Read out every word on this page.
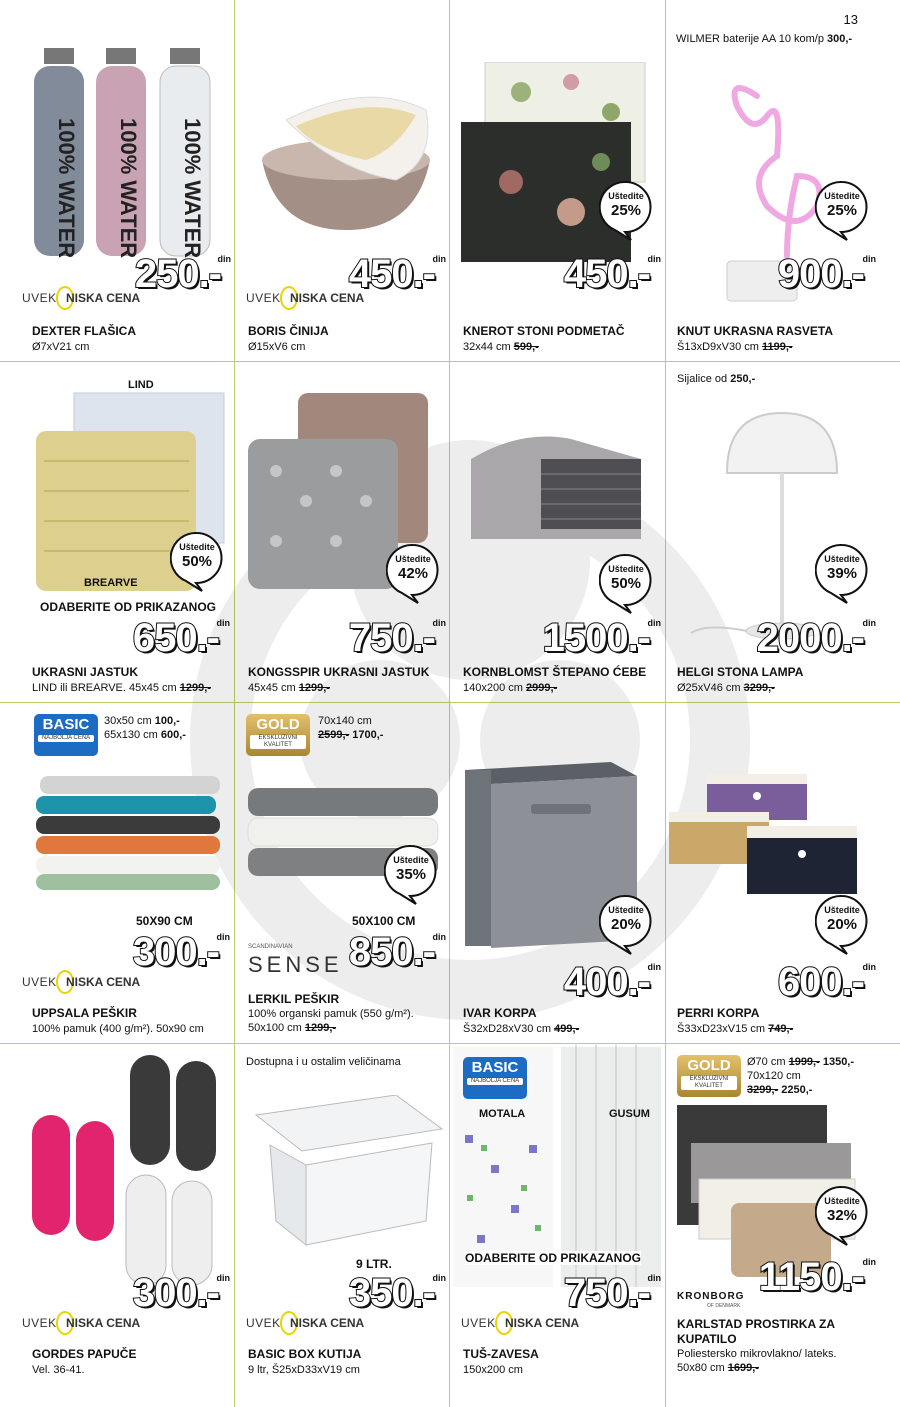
13
WILMER baterije AA 10 kom/p 300,-
100% WATER 100% WATER 100% WATER
250.-
din
UVEK NISKA CENA
DEXTER FLAŠICA
Ø7xV21 cm
450.-
din
UVEK NISKA CENA
BORIS ČINIJA
Ø15xV6 cm
Uštedite
25%
450.-
din
KNEROT STONI PODMETAČ
32x44 cm 599,-
Uštedite
25%
900.-
din
KNUT UKRASNA RASVETA
Š13xD9xV30 cm 1199,-
LIND
BREARVE
Uštedite
50%
ODABERITE OD PRIKAZANOG
650.-
din
UKRASNI JASTUK
LIND ili BREARVE. 45x45 cm 1299,-
Uštedite
42%
750.-
din
KONGSSPIR UKRASNI JASTUK
45x45 cm 1299,-
Uštedite
50%
1500.-
din
KORNBLOMST ŠTEPANO ĆEBE
140x200 cm 2999,-
Sijalice od 250,-
Uštedite
39%
2000.-
din
HELGI STONA LAMPA
Ø25xV46 cm 3299,-
BASIC
NAJBOLJA CENA
30x50 cm 100,-
65x130 cm 600,-
50X90 CM
300.-
din
UVEK NISKA CENA
UPPSALA PEŠKIR
100% pamuk (400 g/m²). 50x90 cm
GOLD
EKSKLUZIVNI KVALITET
70x140 cm
2599,- 1700,-
Uštedite
35%
50X100 CM
SCANDINAVIAN
SENSE 850.-
din
LERKIL PEŠKIR
100% organski pamuk (550 g/m²). 50x100 cm 1299,-
Uštedite
20%
400.-
din
IVAR KORPA
Š32xD28xV30 cm 499,-
Uštedite
20%
600.-
din
PERRI KORPA
Š33xD23xV15 cm 749,-
300.-
din
UVEK NISKA CENA
GORDES PAPUČE
Vel. 36-41.
Dostupna i u ostalim veličinama
9 LTR.
350.-
din
UVEK NISKA CENA
BASIC BOX KUTIJA
9 ltr, Š25xD33xV19 cm
BASIC
NAJBOLJA CENA
MOTALA	GUSUM
ODABERITE OD PRIKAZANOG
750.-
din
UVEK NISKA CENA
TUŠ-ZAVESA
150x200 cm
GOLD
EKSKLUZIVNI KVALITET
Ø70 cm 1999,- 1350,-
70x120 cm
3299,- 2250,-
Uštedite
32%
1150.-
din
KRONBORG
OF DENMARK
KARLSTAD PROSTIRKA ZA KUPATILO
Poliestersko mikrovlakno/ lateks. 50x80 cm 1699,-
